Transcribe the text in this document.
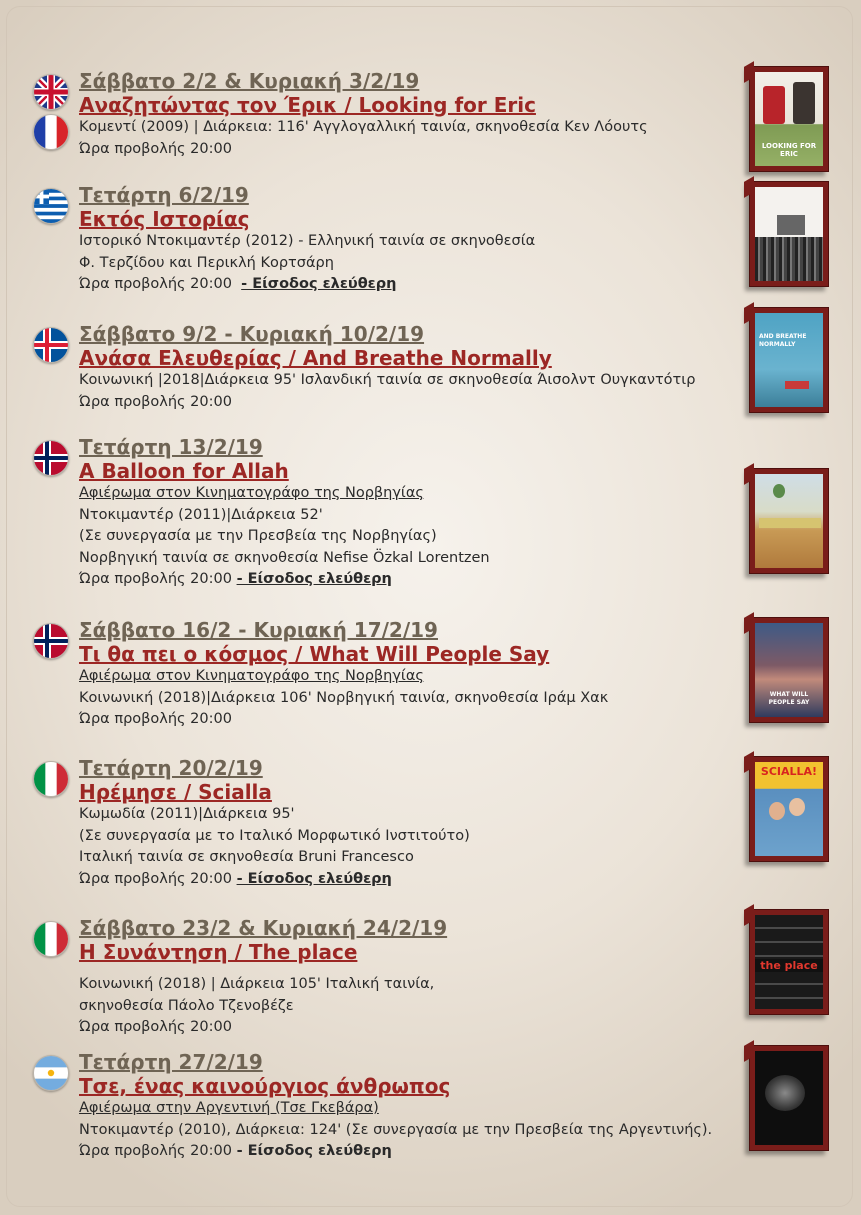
Σάββατο 2/2 & Κυριακή 3/2/19
Αναζητώντας τον Έρικ / Looking for Eric
Κομεντί (2009) | Διάρκεια: 116' Αγγλογαλλική ταινία, σκηνοθεσία Κεν Λόουτς
Ώρα προβολής 20:00	LOOKING FOR ERIC
Τετάρτη 6/2/19
Εκτός Ιστορίας
Ιστορικό Ντοκιμαντέρ (2012) - Ελληνική ταινία σε σκηνοθεσία
Φ. Τερζίδου και Περικλή Κορτσάρη
Ώρα προβολής 20:00 - Είσοδος ελεύθερη
Σάββατο 9/2 - Κυριακή 10/2/19
Ανάσα Ελευθερίας / And Breathe Normally
Κοινωνική |2018|Διάρκεια 95' Ισλανδική ταινία σε σκηνοθεσία Άισολντ Ουγκαντότιρ
Ώρα προβολής 20:00
AND BREATHE NORMALLY
Τετάρτη 13/2/19
A Balloon for Allah
Αφιέρωμα στον Κινηματογράφο της Νορβηγίας
Ντοκιμαντέρ (2011)|Διάρκεια 52'
(Σε συνεργασία με την Πρεσβεία της Νορβηγίας)
Νορβηγική ταινία σε σκηνοθεσία Nefise Özkal Lorentzen
Ώρα προβολής 20:00 - Είσοδος ελεύθερη
Σάββατο 16/2 - Κυριακή 17/2/19
Τι θα πει ο κόσμος / What Will People Say
Αφιέρωμα στον Κινηματογράφο της Νορβηγίας
Κοινωνική (2018)|Διάρκεια 106' Νορβηγική ταινία, σκηνοθεσία Ιράμ Χακ
Ώρα προβολής 20:00
WHAT WILL PEOPLE SAY
Τετάρτη 20/2/19
Ηρέμησε / Scialla
Κωμωδία (2011)|Διάρκεια 95'
(Σε συνεργασία με το Ιταλικό Μορφωτικό Ινστιτούτο)
Ιταλική ταινία σε σκηνοθεσία Bruni Francesco
Ώρα προβολής 20:00 - Είσοδος ελεύθερη
SCIALLA!
Σάββατο 23/2 & Κυριακή 24/2/19
Η Συνάντηση / The place
Κοινωνική (2018) | Διάρκεια 105' Ιταλική ταινία,
σκηνοθεσία Πάολο Τζενοβέζε
Ώρα προβολής 20:00
the place
Τετάρτη 27/2/19
Τσε, ένας καινούργιος άνθρωπος
Αφιέρωμα στην Αργεντινή (Τσε Γκεβάρα)
Ντοκιμαντέρ (2010), Διάρκεια: 124' (Σε συνεργασία με την Πρεσβεία της Αργεντινής).
Ώρα προβολής 20:00 - Είσοδος ελεύθερη
